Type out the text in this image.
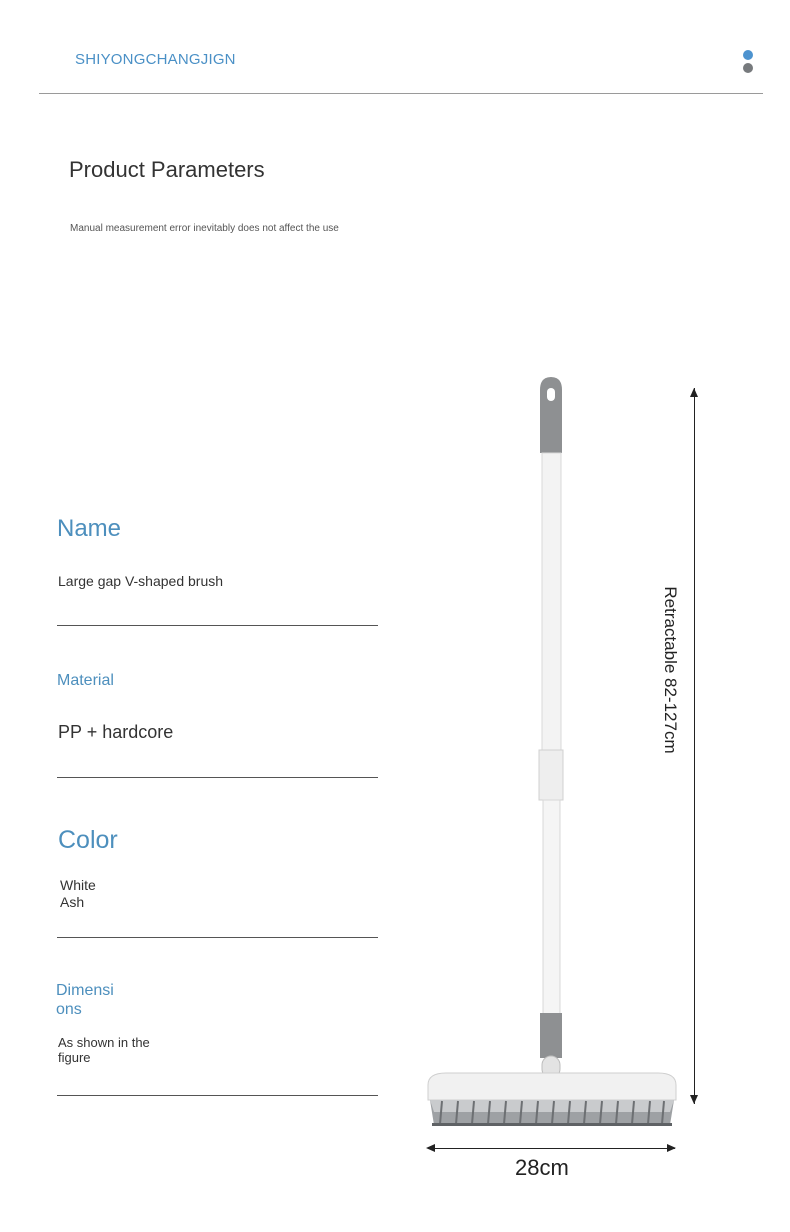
SHIYONGCHANGJIGN
Product Parameters
Manual measurement error inevitably does not affect the use
Name
Large gap V-shaped brush
Material
PP + hardcore
Color
White
Ash
Dimensi
ons
As shown in the
figure
Retractable 82-127cm
28cm
